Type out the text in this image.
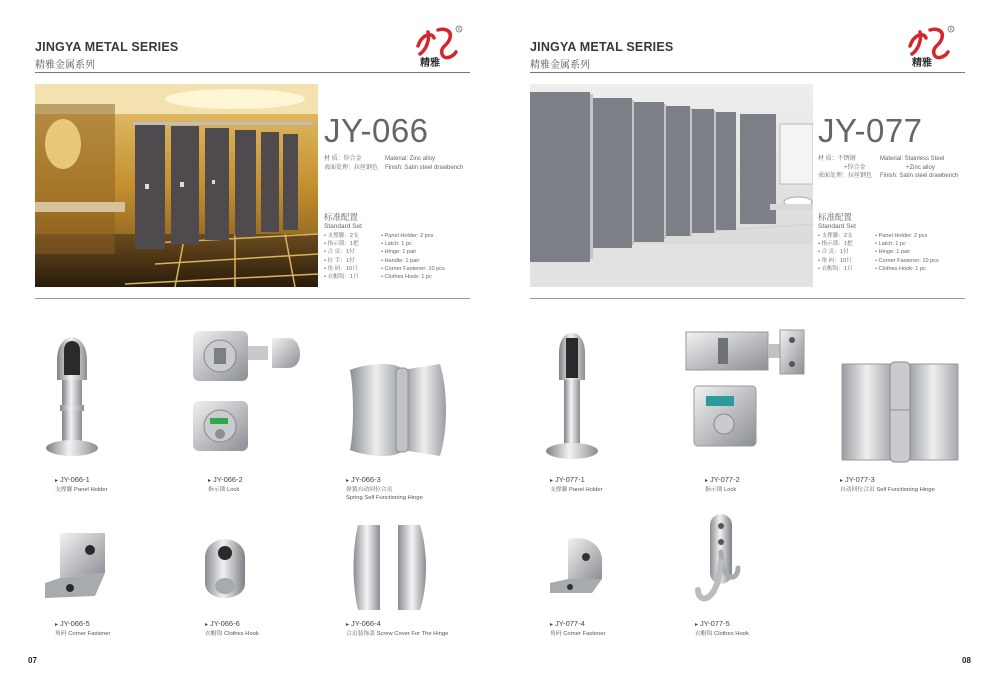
JINGYA METAL SERIES
精雅金属系列
R
精雅
JY-066
材 质：锌合金
表面处理：拉丝钢色
Material: Zinc alloy
Finish: Satin steel drawbench
标准配置
Standard Set
• 支撑脚：2支
• 指示锁：1把
• 合 页：1付
• 拉 手：1付
• 角 码：10只
• 衣帽钩：1只
• Panel Holder: 2 pcs
• Latch: 1 pc
• Hinge: 1 pair
• Handle: 1 pair
• Corner Fastener: 10 pcs
• Clothes Hook: 1 pc
▸ JY-066-1
支撑脚 Panel Holder
▸ JY-066-2
指示锁 Lock
▸ JY-066-3
弹簧自动回位合页
Spring Self Functioning Hinge
▸ JY-066-5
角码 Corner Fastener
▸ JY-066-6
衣帽钩 Clothes Hook
▸ JY-066-4
合页装饰盖 Screw Cover For The Hinge
07
JINGYA METAL SERIES
精雅金属系列
R
精雅
JY-077
材 质：不锈钢
+锌合金
表面处理：拉丝钢色
Material: Stainless Steel
+Zinc alloy
Finish: Satin steel drawbench
标准配置
Standard Set
• 支撑脚：2支
• 指示锁：1把
• 合 页：1付
• 角 码：10只
• 衣帽钩：1只
• Panel Holder: 2 pcs
• Latch: 1 pc
• Hinge: 1 pair
• Corner Fastener: 10 pcs
• Clothes Hook: 1 pc
▸ JY-077-1
支撑脚 Panel Holder
▸ JY-077-2
指示锁 Lock
▸ JY-077-3
自动回位合页 Self Functioning Hinge
▸ JY-077-4
角码 Corner Fastener
▸ JY-077-5
衣帽钩 Clothes Hook
08
